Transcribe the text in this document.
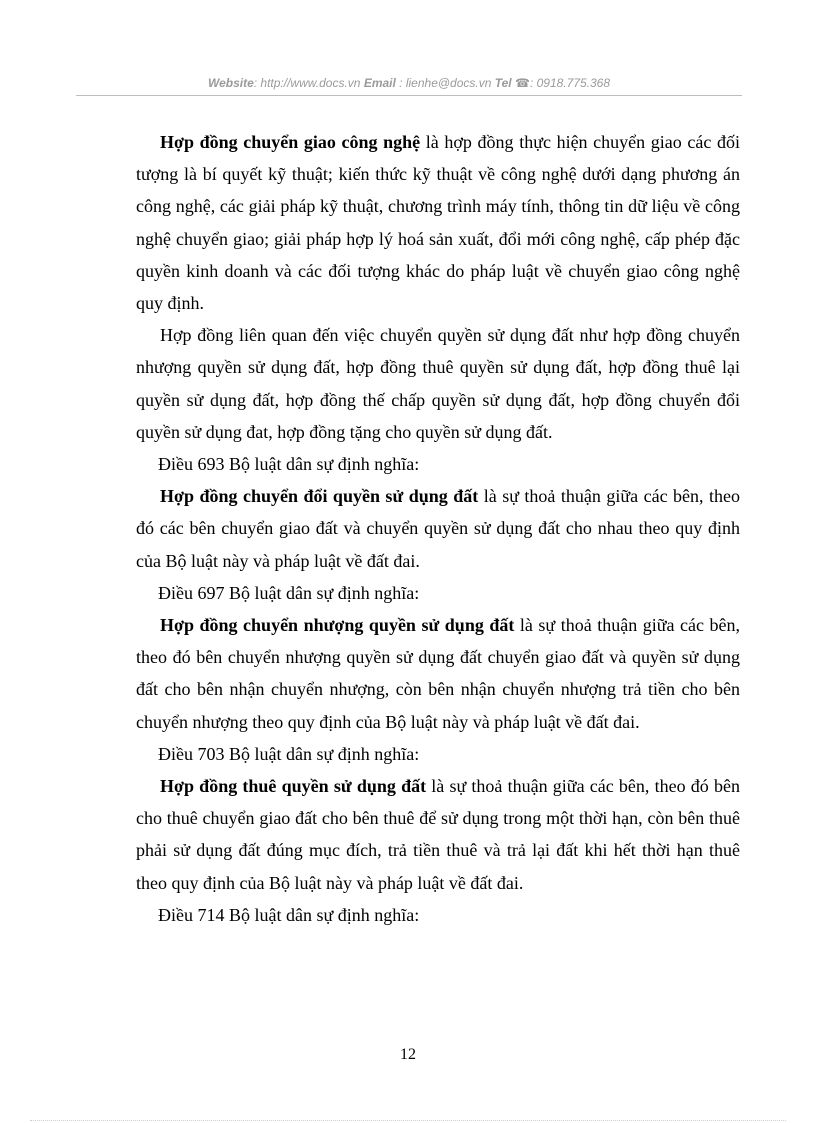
Website: http://www.docs.vn Email : lienhe@docs.vn Tel ☎: 0918.775.368

Hợp đồng chuyển giao công nghệ là hợp đồng thực hiện chuyển giao các đối tượng là bí quyết kỹ thuật; kiến thức kỹ thuật về công nghệ dưới dạng phương án công nghệ, các giải pháp kỹ thuật, chương trình máy tính, thông tin dữ liệu về công nghệ chuyển giao; giải pháp hợp lý hoá sản xuất, đổi mới công nghệ, cấp phép đặc quyền kinh doanh và các đối tượng khác do pháp luật về chuyển giao công nghệ quy định.

Hợp đồng liên quan đến việc chuyển quyền sử dụng đất như hợp đồng chuyển nhượng quyền sử dụng đất, hợp đồng thuê quyền sử dụng đất, hợp đồng thuê lại quyền sử dụng đất, hợp đồng thế chấp quyền sử dụng đất, hợp đồng chuyển đổi quyền sử dụng đat, hợp đồng tặng cho quyền sử dụng đất.

Điều 693 Bộ luật dân sự định nghĩa:

Hợp đồng chuyển đổi quyền sử dụng đất là sự thoả thuận giữa các bên, theo đó các bên chuyển giao đất và chuyển quyền sử dụng đất cho nhau theo quy định của Bộ luật này và pháp luật về đất đai.

Điều 697 Bộ luật dân sự định nghĩa:

Hợp đồng chuyển nhượng quyền sử dụng đất là sự thoả thuận giữa các bên, theo đó bên chuyển nhượng quyền sử dụng đất chuyển giao đất và quyền sử dụng đất cho bên nhận chuyển nhượng, còn bên nhận chuyển nhượng trả tiền cho bên chuyển nhượng theo quy định của Bộ luật này và pháp luật về đất đai.

Điều 703 Bộ luật dân sự định nghĩa:

Hợp đồng thuê quyền sử dụng đất là sự thoả thuận giữa các bên, theo đó bên cho thuê chuyển giao đất cho bên thuê để sử dụng trong một thời hạn, còn bên thuê phải sử dụng đất đúng mục đích, trả tiền thuê và trả lại đất khi hết thời hạn thuê theo quy định của Bộ luật này và pháp luật về đất đai.

Điều 714 Bộ luật dân sự định nghĩa:

12
